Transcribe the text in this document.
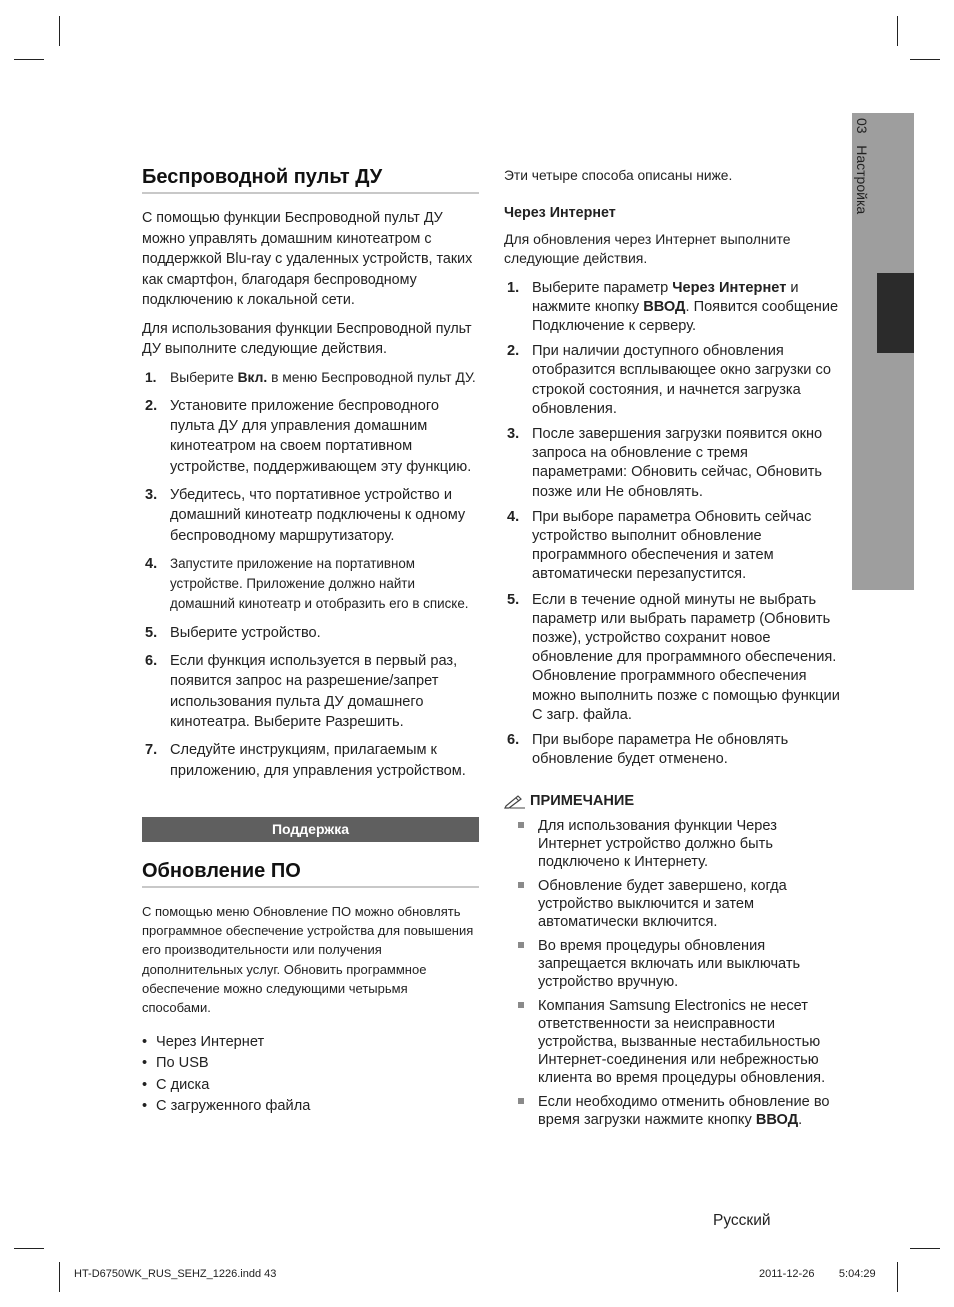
03   Настройка
Беспроводной пульт ДУ

С помощью функции Беспроводной пульт ДУ можно управлять домашним кинотеатром с поддержкой Blu-ray с удаленных устройств, таких как смартфон, благодаря беспроводному подключению к локальной сети.

Для использования функции Беспроводной пульт ДУ выполните следующие действия.

1. Выберите Вкл. в меню Беспроводной пульт ДУ.
2. Установите приложение беспроводного пульта ДУ для управления домашним кинотеатром на своем портативном устройстве, поддерживающем эту функцию.
3. Убедитесь, что портативное устройство и домашний кинотеатр подключены к одному беспроводному маршрутизатору.
4. Запустите приложение на портативном устройстве. Приложение должно найти домашний кинотеатр и отобразить его в списке.
5. Выберите устройство.
6. Если функция используется в первый раз, появится запрос на разрешение/запрет использования пульта ДУ домашнего кинотеатра. Выберите Разрешить.
7. Следуйте инструкциям, прилагаемым к приложению, для управления устройством.
Поддержка
Обновление ПО

С помощью меню Обновление ПО можно обновлять программное обеспечение устройства для повышения его производительности или получения дополнительных услуг. Обновить программное обеспечение можно следующими четырьмя способами.

• Через Интернет
• По USB
• С диска
• С загруженного файла

Эти четыре способа описаны ниже.

Через Интернет

Для обновления через Интернет выполните следующие действия.

1. Выберите параметр Через Интернет и нажмите кнопку ВВОД. Появится сообщение Подключение к серверу.
2. При наличии доступного обновления отобразится всплывающее окно загрузки со строкой состояния, и начнется загрузка обновления.
3. После завершения загрузки появится окно запроса на обновление с тремя параметрами: Обновить сейчас, Обновить позже или Не обновлять.
4. При выборе параметра Обновить сейчас устройство выполнит обновление программного обеспечения и затем автоматически перезапустится.
5. Если в течение одной минуты не выбрать параметр или выбрать параметр (Обновить позже), устройство сохранит новое обновление для программного обеспечения. Обновление программного обеспечения можно выполнить позже с помощью функции С загр. файла.
6. При выборе параметра Не обновлять обновление будет отменено.
ПРИМЕЧАНИЕ
Для использования функции Через Интернет устройство должно быть подключено к Интернету.
Обновление будет завершено, когда устройство выключится и затем автоматически включится.
Во время процедуры обновления запрещается включать или выключать устройство вручную.
Компания Samsung Electronics не несет ответственности за неисправности устройства, вызванные нестабильностью Интернет-соединения или небрежностью клиента во время процедуры обновления.
Если необходимо отменить обновление во время загрузки нажмите кнопку ВВОД.
Русский
HT-D6750WK_RUS_SEHZ_1226.indd 43	2011-12-26 5:04:29
